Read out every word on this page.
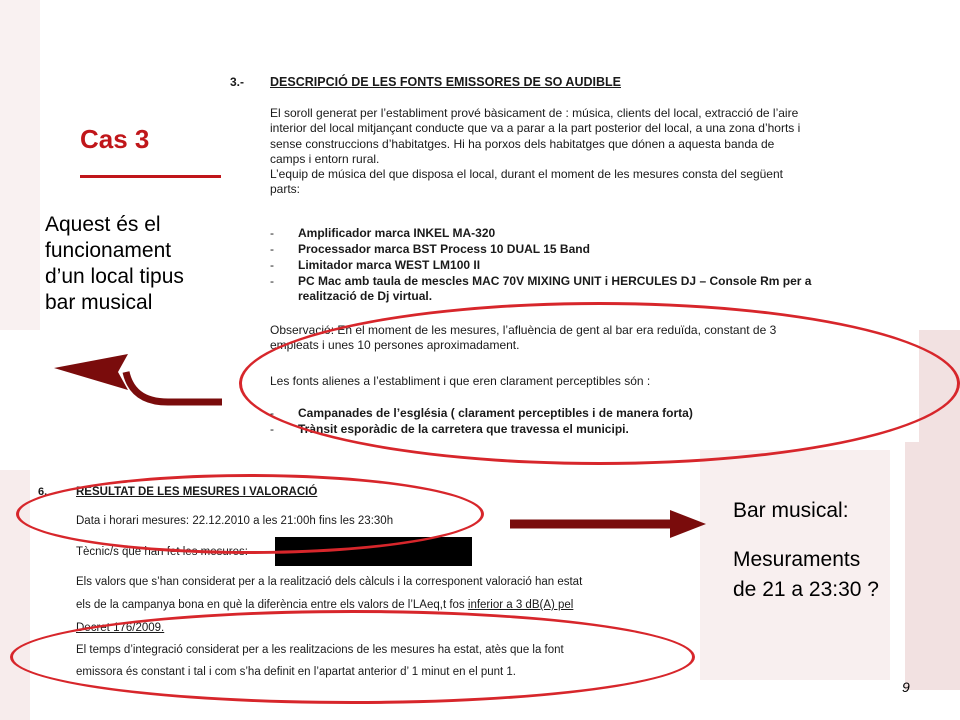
Cas 3
Aquest és el
funcionament
d’un local tipus
bar musical
3.- DESCRIPCIÓ DE LES FONTS EMISSORES DE SO AUDIBLE
El soroll generat per l’establiment prové bàsicament de : música, clients del local, extracció de l’aire
interior del local mitjançant conducte que va a parar a la part posterior del local, a una zona d’horts i
sense construccions d’habitatges. Hi ha porxos dels habitatges que dónen a aquesta banda de
camps i entorn rural.
L’equip de música del que disposa el local, durant el moment de les mesures consta del següent
parts:
- Amplificador marca INKEL MA-320
- Processador marca BST Process 10 DUAL 15 Band
- Limitador marca WEST LM100 II
- PC Mac amb taula de mescles MAC 70V MIXING UNIT i HERCULES DJ – Console Rm per a
realització de Dj virtual.
Observació: En el moment de les mesures, l’afluència de gent al bar era reduïda, constant de 3
empleats i unes 10 persones aproximadament.
Les fonts alienes a l’establiment i que eren clarament perceptibles són :
- Campanades de l’església ( clarament perceptibles i de manera forta)
- Trànsit esporàdic de la carretera que travessa el municipi.
6.	RESULTAT DE LES MESURES I VALORACIÓ
Data i horari mesures: 22.12.2010 a les 21:00h fins les 23:30h
Tècnic/s que han fet les mesures:
Els valors que s’han considerat per a la realització dels càlculs i la corresponent valoració han estat
els de la campanya bona en què la diferència entre els valors de l’LAeq,t fos inferior a 3 dB(A) pel
Decret 176/2009.
El temps d’integració considerat per a les realitzacions de les mesures ha estat, atès que la font
emissora és constant i tal i com s’ha definit en l’apartat anterior d’ 1 minut en el punt 1.
Bar musical:
Mesuraments
de 21 a 23:30 ?
9
